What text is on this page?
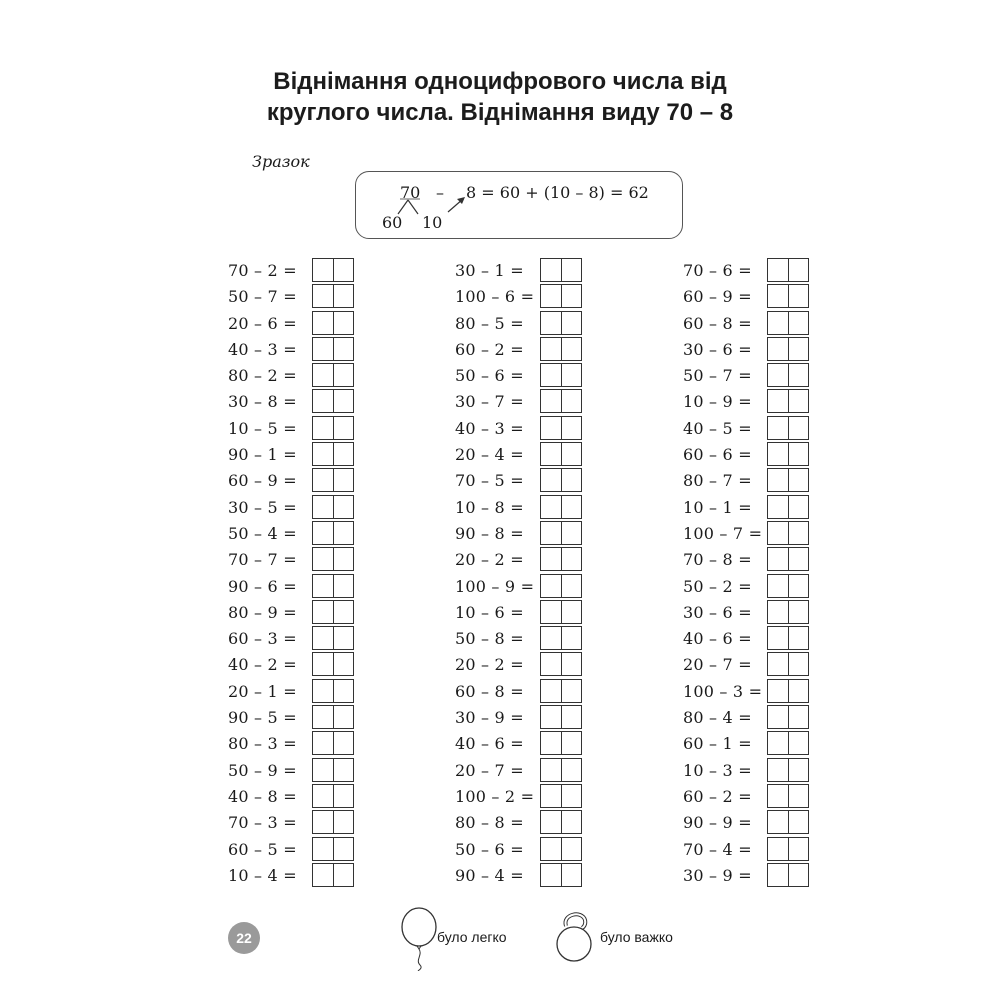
Віднімання одноцифрового числа від
круглого числа. Віднімання виду 70 – 8
Зразок
70 – 8 = 60 + (10 – 8) = 62
60 10
70 – 2 =
50 – 7 =
20 – 6 =
40 – 3 =
80 – 2 =
30 – 8 =
10 – 5 =
90 – 1 =
60 – 9 =
30 – 5 =
50 – 4 =
70 – 7 =
90 – 6 =
80 – 9 =
60 – 3 =
40 – 2 =
20 – 1 =
90 – 5 =
80 – 3 =
50 – 9 =
40 – 8 =
70 – 3 =
60 – 5 =
10 – 4 =
30 – 1 =
100 – 6 =
80 – 5 =
60 – 2 =
50 – 6 =
30 – 7 =
40 – 3 =
20 – 4 =
70 – 5 =
10 – 8 =
90 – 8 =
20 – 2 =
100 – 9 =
10 – 6 =
50 – 8 =
20 – 2 =
60 – 8 =
30 – 9 =
40 – 6 =
20 – 7 =
100 – 2 =
80 – 8 =
50 – 6 =
90 – 4 =
70 – 6 =
60 – 9 =
60 – 8 =
30 – 6 =
50 – 7 =
10 – 9 =
40 – 5 =
60 – 6 =
80 – 7 =
10 – 1 =
100 – 7 =
70 – 8 =
50 – 2 =
30 – 6 =
40 – 6 =
20 – 7 =
100 – 3 =
80 – 4 =
60 – 1 =
10 – 3 =
60 – 2 =
90 – 9 =
70 – 4 =
30 – 9 =
22	було легко	було важко
